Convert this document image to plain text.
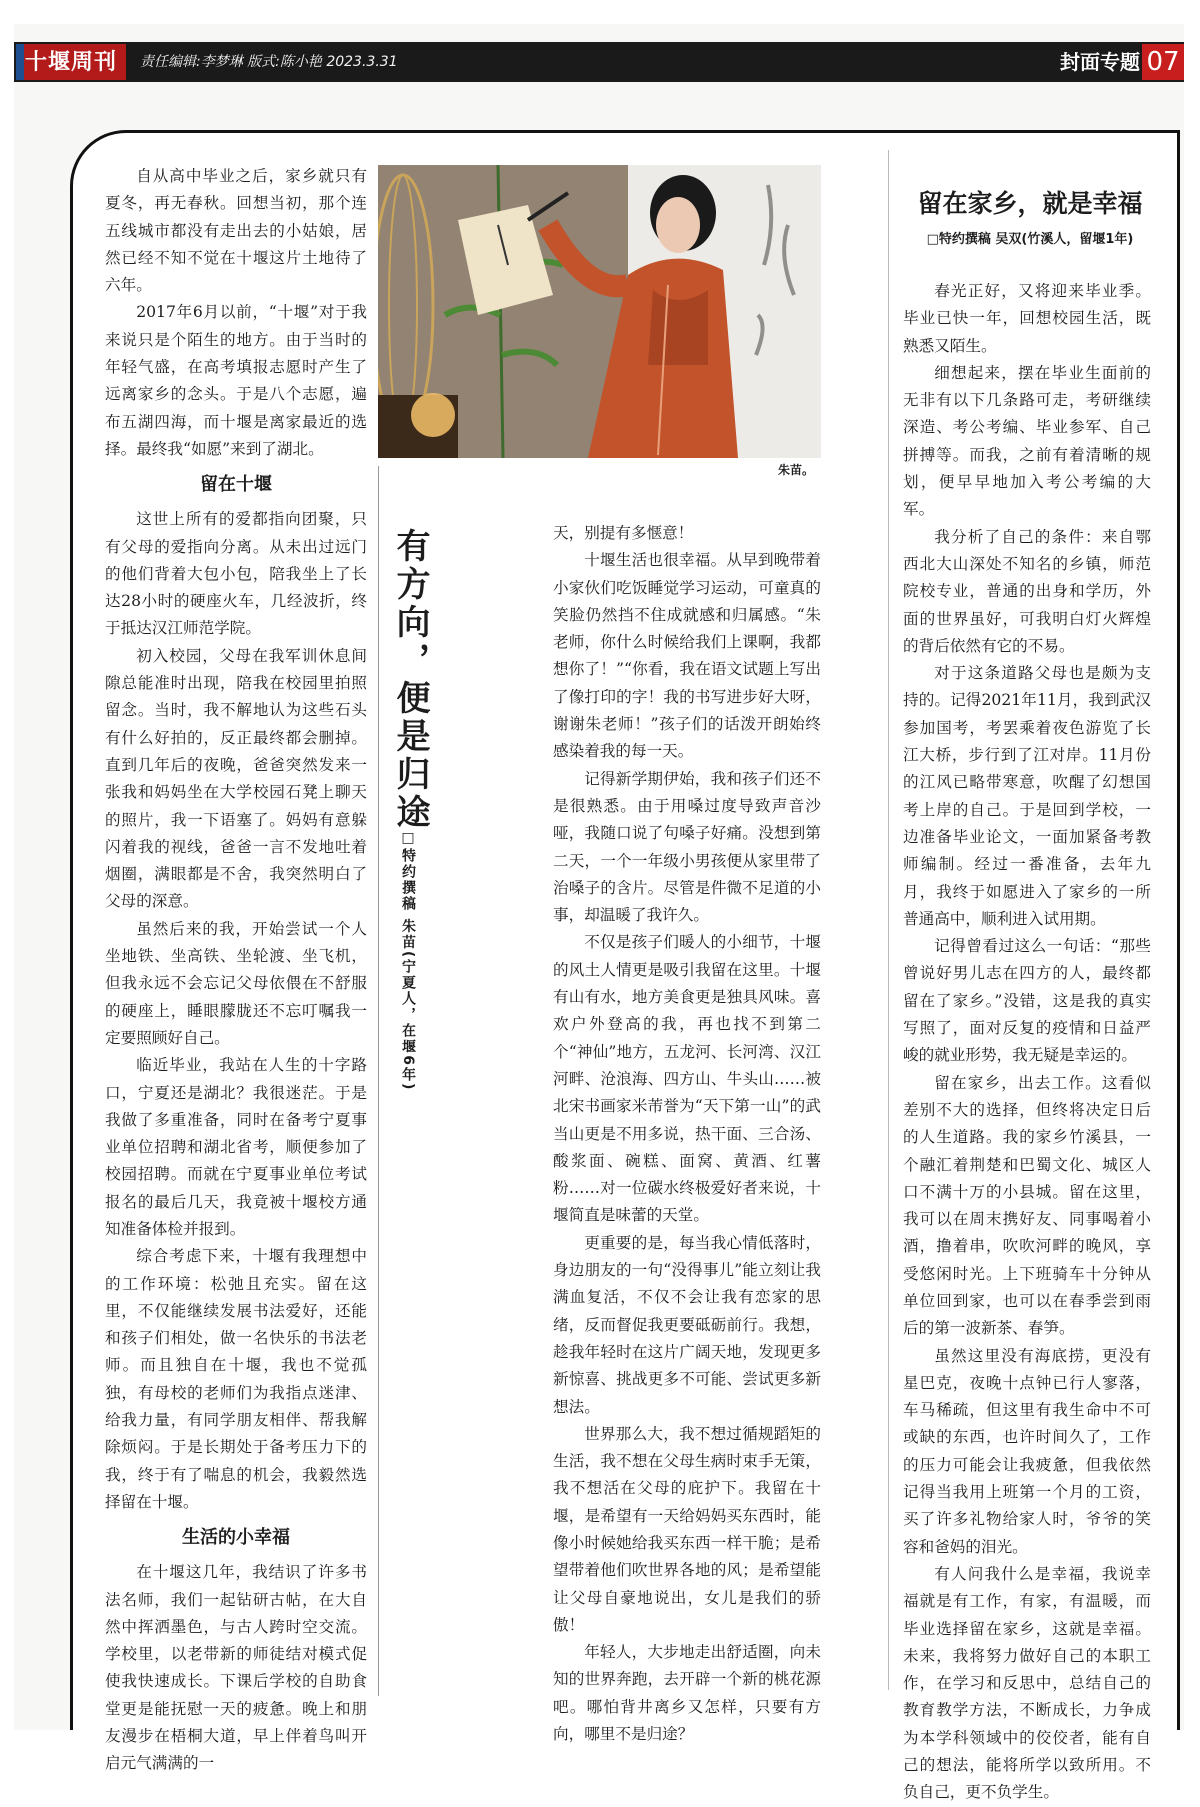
十堰周刊	责任编辑:李梦琳 版式:陈小艳 2023.3.31	封面专题 07
朱苗。
有方向，便是归途
□特约撰稿 朱苗(宁夏人，在堰6年)

自从高中毕业之后，家乡就只有夏冬，再无春秋。回想当初，那个连五线城市都没有走出去的小姑娘，居然已经不知不觉在十堰这片土地待了六年。

2017年6月以前，“十堰”对于我来说只是个陌生的地方。由于当时的年轻气盛，在高考填报志愿时产生了远离家乡的念头。于是八个志愿，遍布五湖四海，而十堰是离家最近的选择。最终我“如愿”来到了湖北。

留在十堰

这世上所有的爱都指向团聚，只有父母的爱指向分离。从未出过远门的他们背着大包小包，陪我坐上了长达28小时的硬座火车，几经波折，终于抵达汉江师范学院。

初入校园，父母在我军训休息间隙总能准时出现，陪我在校园里拍照留念。当时，我不解地认为这些石头有什么好拍的，反正最终都会删掉。直到几年后的夜晚，爸爸突然发来一张我和妈妈坐在大学校园石凳上聊天的照片，我一下语塞了。妈妈有意躲闪着我的视线，爸爸一言不发地吐着烟圈，满眼都是不舍，我突然明白了父母的深意。

虽然后来的我，开始尝试一个人坐地铁、坐高铁、坐轮渡、坐飞机，但我永远不会忘记父母依偎在不舒服的硬座上，睡眼朦胧还不忘叮嘱我一定要照顾好自己。

临近毕业，我站在人生的十字路口，宁夏还是湖北？我很迷茫。于是我做了多重准备，同时在备考宁夏事业单位招聘和湖北省考，顺便参加了校园招聘。而就在宁夏事业单位考试报名的最后几天，我竟被十堰校方通知准备体检并报到。

综合考虑下来，十堰有我理想中的工作环境：松弛且充实。留在这里，不仅能继续发展书法爱好，还能和孩子们相处，做一名快乐的书法老师。而且独自在十堰，我也不觉孤独，有母校的老师们为我指点迷津、给我力量，有同学朋友相伴、帮我解除烦闷。于是长期处于备考压力下的我，终于有了喘息的机会，我毅然选择留在十堰。

生活的小幸福

在十堰这几年，我结识了许多书法名师，我们一起钻研古帖，在大自然中挥洒墨色，与古人跨时空交流。学校里，以老带新的师徒结对模式促使我快速成长。下课后学校的自助食堂更是能抚慰一天的疲惫。晚上和朋友漫步在梧桐大道，早上伴着鸟叫开启元气满满的一

天，别提有多惬意！

十堰生活也很幸福。从早到晚带着小家伙们吃饭睡觉学习运动，可童真的笑脸仍然挡不住成就感和归属感。“朱老师，你什么时候给我们上课啊，我都想你了！”“你看，我在语文试题上写出了像打印的字！我的书写进步好大呀，谢谢朱老师！”孩子们的话泼开朗始终感染着我的每一天。

记得新学期伊始，我和孩子们还不是很熟悉。由于用嗓过度导致声音沙哑，我随口说了句嗓子好痛。没想到第二天，一个一年级小男孩便从家里带了治嗓子的含片。尽管是件微不足道的小事，却温暖了我许久。

不仅是孩子们暖人的小细节，十堰的风土人情更是吸引我留在这里。十堰有山有水，地方美食更是独具风味。喜欢户外登高的我，再也找不到第二个“神仙”地方，五龙河、长河湾、汉江河畔、沧浪海、四方山、牛头山……被北宋书画家米芾誉为“天下第一山”的武当山更是不用多说，热干面、三合汤、酸浆面、碗糕、面窝、黄酒、红薯粉……对一位碳水终极爱好者来说，十堰简直是味蕾的天堂。

更重要的是，每当我心情低落时，身边朋友的一句“没得事儿”能立刻让我满血复活，不仅不会让我有恋家的思绪，反而督促我更要砥砺前行。我想，趁我年轻时在这片广阔天地，发现更多新惊喜、挑战更多不可能、尝试更多新想法。

世界那么大，我不想过循规蹈矩的生活，我不想在父母生病时束手无策，我不想活在父母的庇护下。我留在十堰，是希望有一天给妈妈买东西时，能像小时候她给我买东西一样干脆；是希望带着他们吹世界各地的风；是希望能让父母自豪地说出，女儿是我们的骄傲！

年轻人，大步地走出舒适圈，向未知的世界奔跑，去开辟一个新的桃花源吧。哪怕背井离乡又怎样，只要有方向，哪里不是归途？

留在家乡，就是幸福
□特约撰稿 吴双(竹溪人，留堰1年)

春光正好，又将迎来毕业季。毕业已快一年，回想校园生活，既熟悉又陌生。

细想起来，摆在毕业生面前的无非有以下几条路可走，考研继续深造、考公考编、毕业参军、自己拼搏等。而我，之前有着清晰的规划，便早早地加入考公考编的大军。

我分析了自己的条件：来自鄂西北大山深处不知名的乡镇，师范院校专业，普通的出身和学历，外面的世界虽好，可我明白灯火辉煌的背后依然有它的不易。

对于这条道路父母也是颇为支持的。记得2021年11月，我到武汉参加国考，考罢乘着夜色游览了长江大桥，步行到了江对岸。11月份的江风已略带寒意，吹醒了幻想国考上岸的自己。于是回到学校，一边准备毕业论文，一面加紧备考教师编制。经过一番准备，去年九月，我终于如愿进入了家乡的一所普通高中，顺利进入试用期。

记得曾看过这么一句话：“那些曾说好男儿志在四方的人，最终都留在了家乡。”没错，这是我的真实写照了，面对反复的疫情和日益严峻的就业形势，我无疑是幸运的。

留在家乡，出去工作。这看似差别不大的选择，但终将决定日后的人生道路。我的家乡竹溪县，一个融汇着荆楚和巴蜀文化、城区人口不满十万的小县城。留在这里，我可以在周末携好友、同事喝着小酒，撸着串，吹吹河畔的晚风，享受悠闲时光。上下班骑车十分钟从单位回到家，也可以在春季尝到雨后的第一波新茶、春笋。

虽然这里没有海底捞，更没有星巴克，夜晚十点钟已行人寥落，车马稀疏，但这里有我生命中不可或缺的东西，也许时间久了，工作的压力可能会让我疲惫，但我依然记得当我用上班第一个月的工资，买了许多礼物给家人时，爷爷的笑容和爸妈的泪光。

有人问我什么是幸福，我说幸福就是有工作，有家，有温暖，而毕业选择留在家乡，这就是幸福。未来，我将努力做好自己的本职工作，在学习和反思中，总结自己的教育教学方法，不断成长，力争成为本学科领域中的佼佼者，能有自己的想法，能将所学以致所用。不负自己，更不负学生。
